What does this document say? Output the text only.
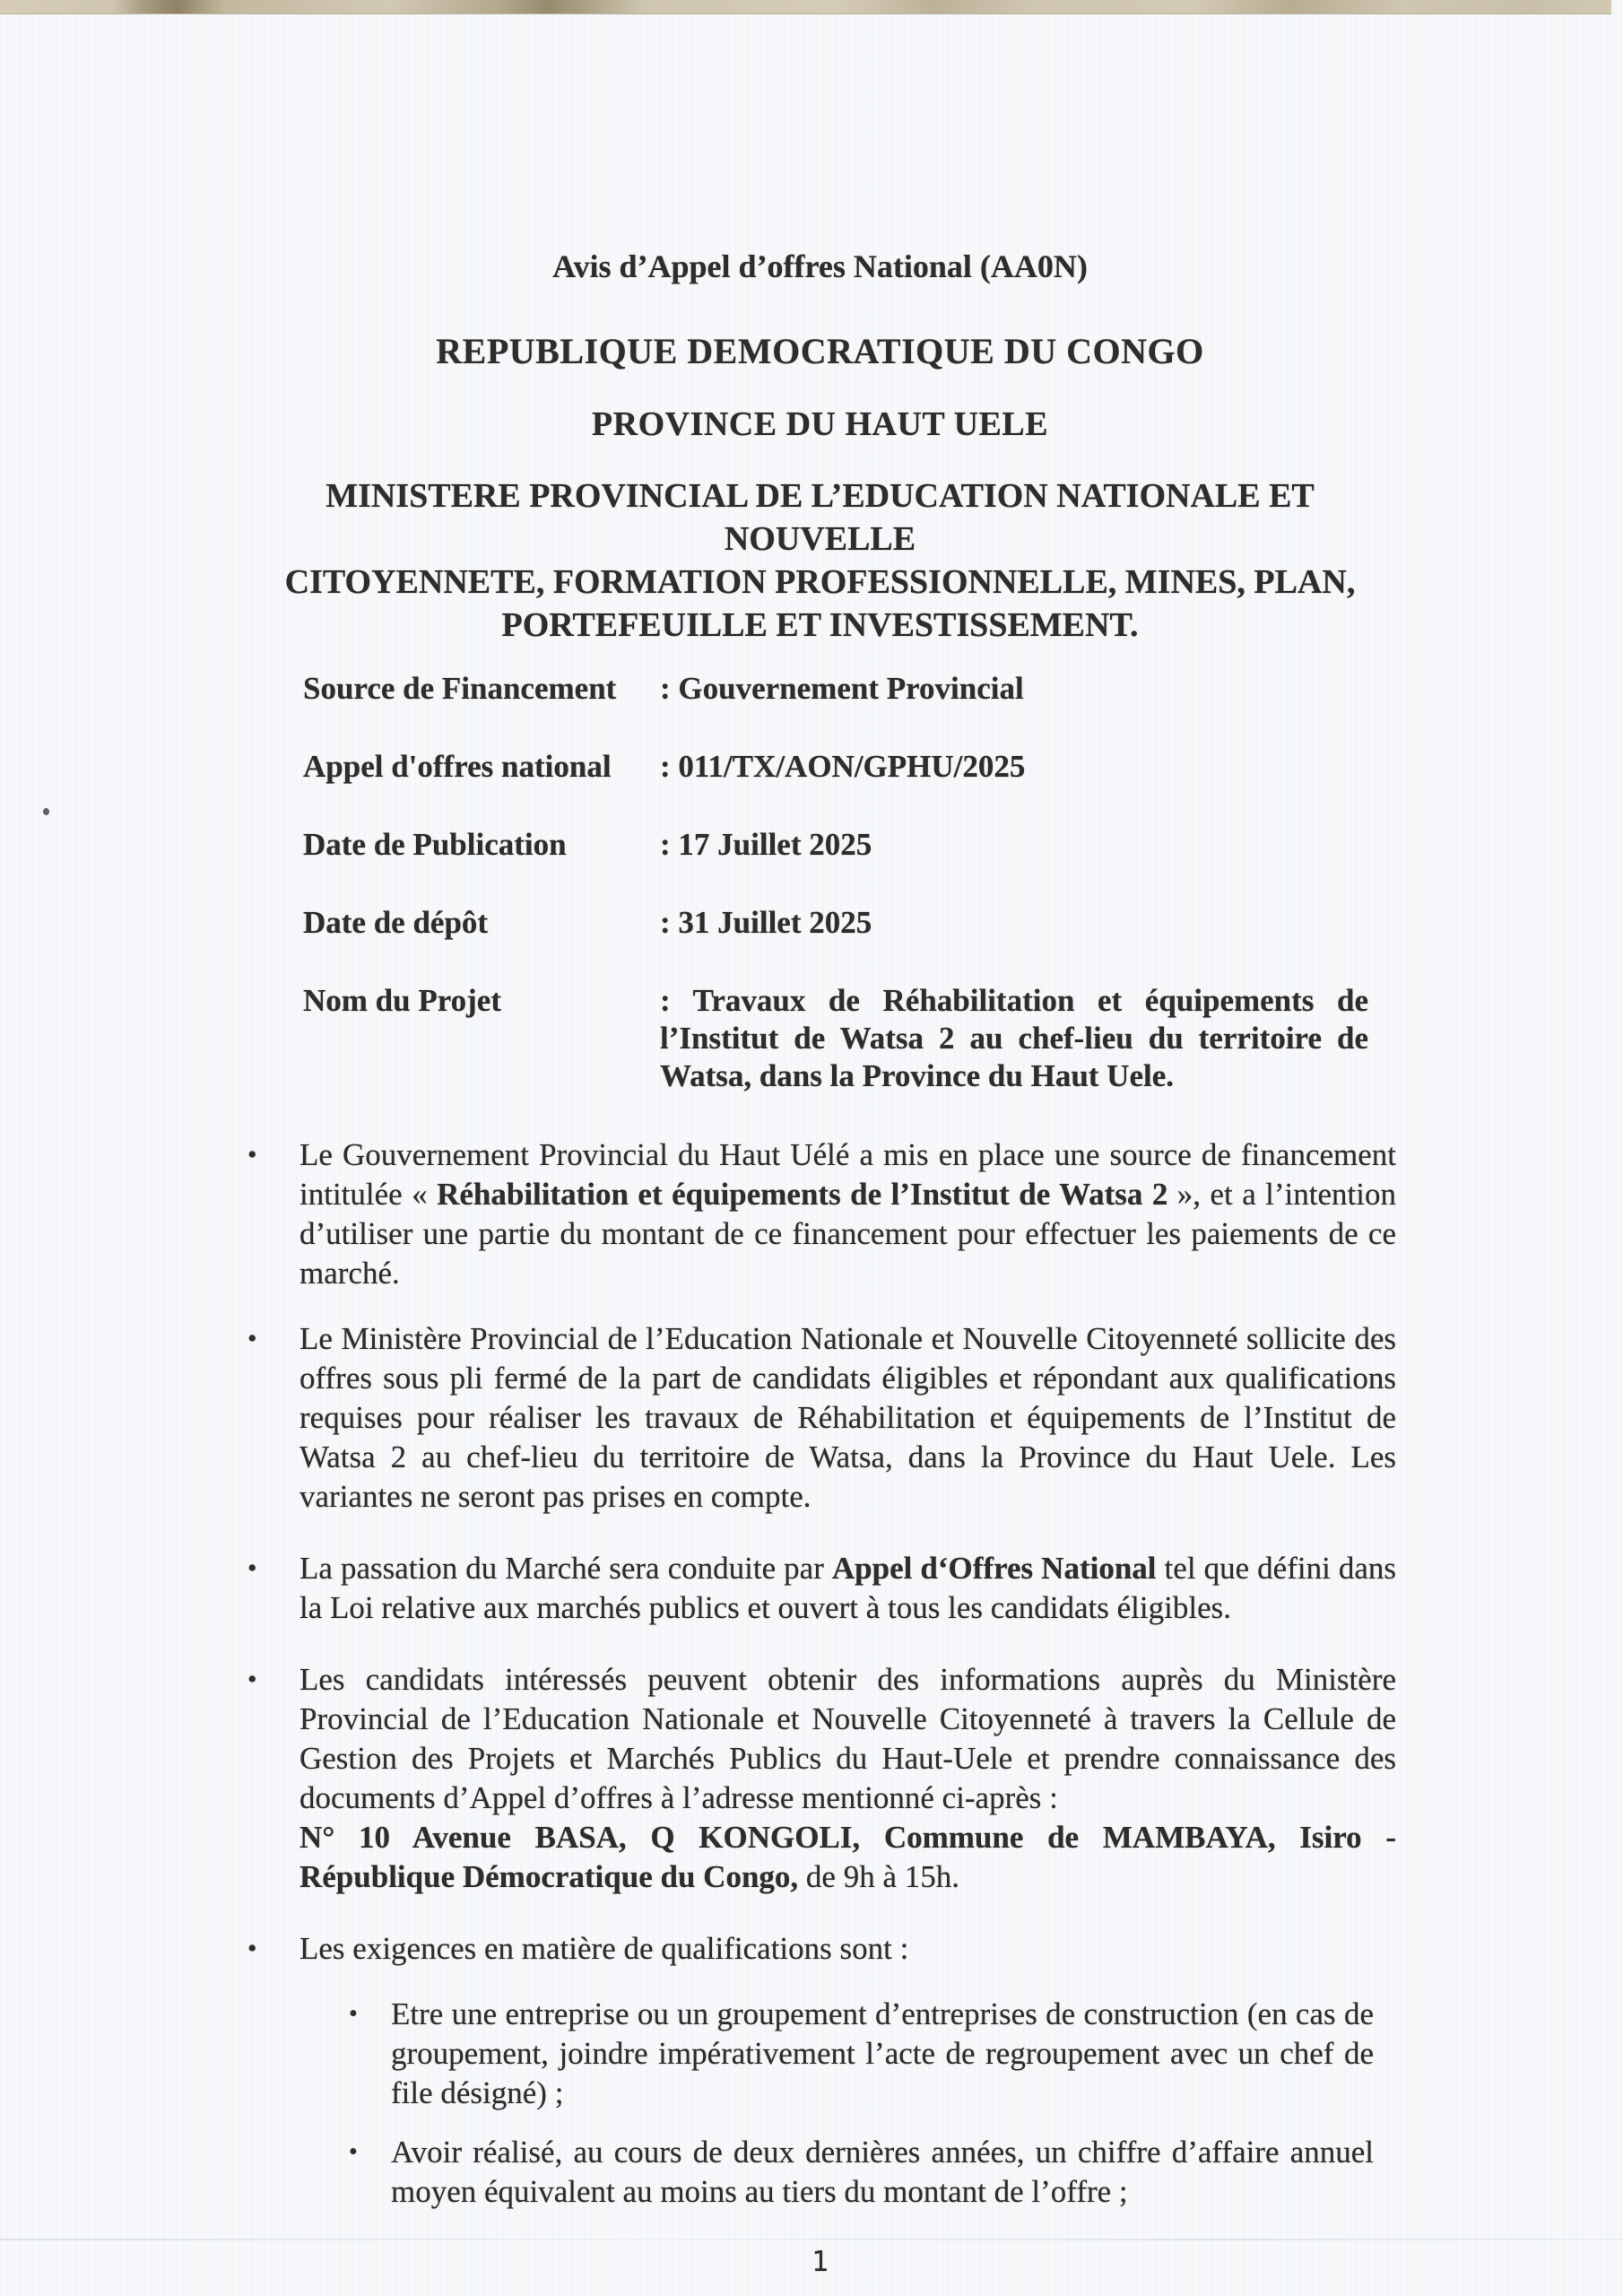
Avis d’Appel d’offres National (AA0N)
REPUBLIQUE DEMOCRATIQUE DU CONGO
PROVINCE DU HAUT UELE
MINISTERE PROVINCIAL DE L’EDUCATION NATIONALE ET NOUVELLE
CITOYENNETE, FORMATION PROFESSIONNELLE, MINES, PLAN,
PORTEFEUILLE ET INVESTISSEMENT.
Source de Financement	: Gouvernement Provincial
Appel d'offres national	: 011/TX/AON/GPHU/2025
Date de Publication	: 17 Juillet 2025
Date de dépôt	: 31 Juillet 2025
Nom du Projet	: Travaux de Réhabilitation et équipements de l’Institut de Watsa 2 au chef-lieu du territoire de Watsa, dans la Province du Haut Uele.
•	Le Gouvernement Provincial du Haut Uélé a mis en place une source de financement intitulée « Réhabilitation et équipements de l’Institut de Watsa 2 », et a l’intention d’utiliser une partie du montant de ce financement pour effectuer les paiements de ce marché.
•	Le Ministère Provincial de l’Education Nationale et Nouvelle Citoyenneté sollicite des offres sous pli fermé de la part de candidats éligibles et répondant aux qualifications requises pour réaliser les travaux de Réhabilitation et équipements de l’Institut de Watsa 2 au chef-lieu du territoire de Watsa, dans la Province du Haut Uele. Les variantes ne seront pas prises en compte.
•	La passation du Marché sera conduite par Appel d‘Offres National tel que défini dans la Loi relative aux marchés publics et ouvert à tous les candidats éligibles.
•	Les candidats intéressés peuvent obtenir des informations auprès du Ministère Provincial de l’Education Nationale et Nouvelle Citoyenneté à travers la Cellule de Gestion des Projets et Marchés Publics du Haut-Uele et prendre connaissance des documents d’Appel d’offres à l’adresse mentionné ci-après :
N° 10 Avenue BASA, Q KONGOLI, Commune de MAMBAYA, Isiro - République Démocratique du Congo, de 9h à 15h.
•	Les exigences en matière de qualifications sont :
•	Etre une entreprise ou un groupement d’entreprises de construction (en cas de groupement, joindre impérativement l’acte de regroupement avec un chef de file désigné) ;
•	Avoir réalisé, au cours de deux dernières années, un chiffre d’affaire annuel moyen équivalent au moins au tiers du montant de l’offre ;
1
